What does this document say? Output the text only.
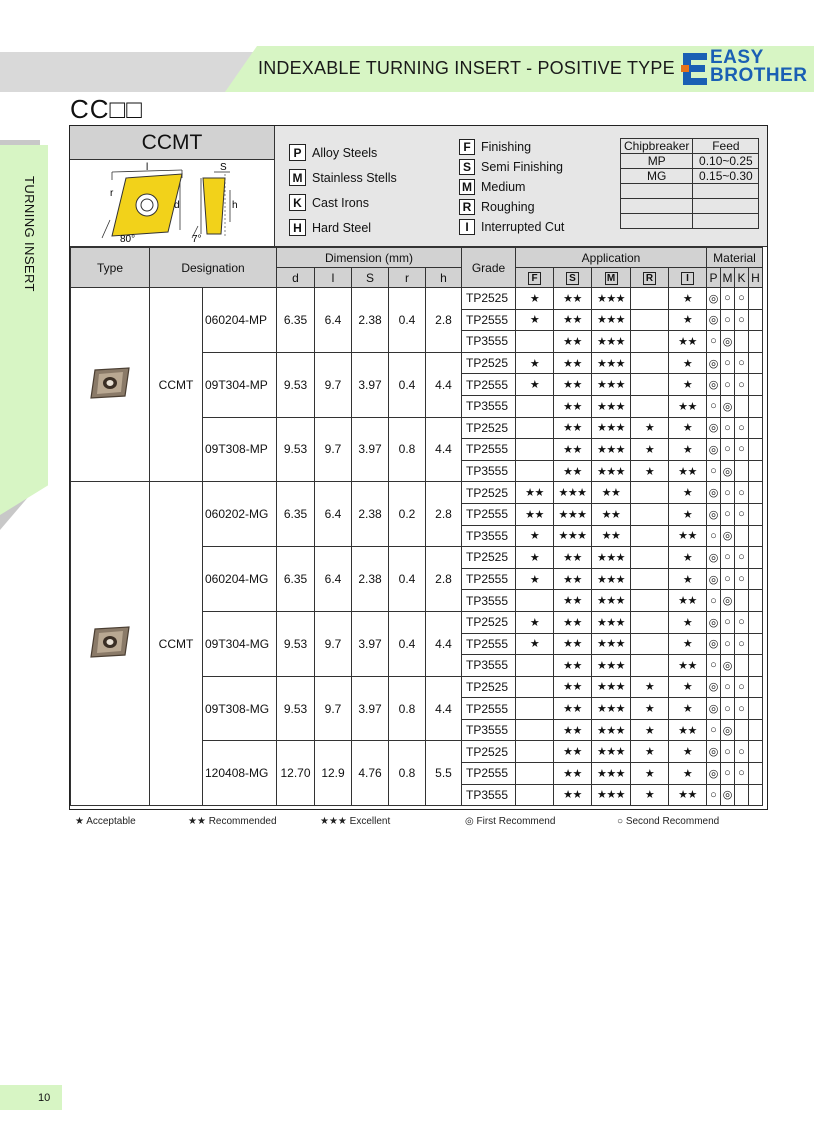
INDEXABLE TURNING INSERT - POSITIVE TYPE EASY
BROTHER
CC□□
TURNING INSERT
CCMT
r
l
d
S
h
80°	7°
P Alloy Steels
M Stainless Stells
K Cast Irons
H Hard Steel
F Finishing
S Semi Finishing
M Medium
R Roughing
I Interrupted Cut
Chipbreaker	Feed
MP	0.10~0.25
MG	0.15~0.30

Type	Designation		Dimension (mm)					Grade	Application					Material			
			d	l	S	r	h		F	S	M	R	I	P	M	K	H
	CCMT	060204-MP	6.35	6.4	2.38	0.4	2.8	TP2525	★	★★	★★★		★	◎	○	○	
								TP2555	★	★★	★★★		★	◎	○	○	
								TP3555		★★	★★★		★★	○	◎		
		09T304-MP	9.53	9.7	3.97	0.4	4.4	TP2525	★	★★	★★★		★	◎	○	○	
								TP2555	★	★★	★★★		★	◎	○	○	
								TP3555		★★	★★★		★★	○	◎		
		09T308-MP	9.53	9.7	3.97	0.8	4.4	TP2525		★★	★★★	★	★	◎	○	○	
								TP2555		★★	★★★	★	★	◎	○	○	
								TP3555		★★	★★★	★	★★	○	◎		
	CCMT	060202-MG	6.35	6.4	2.38	0.2	2.8	TP2525	★★	★★★	★★		★	◎	○	○	
								TP2555	★★	★★★	★★		★	◎	○	○	
								TP3555	★	★★★	★★		★★	○	◎		
		060204-MG	6.35	6.4	2.38	0.4	2.8	TP2525	★	★★	★★★		★	◎	○	○	
								TP2555	★	★★	★★★		★	◎	○	○	
								TP3555		★★	★★★		★★	○	◎		
		09T304-MG	9.53	9.7	3.97	0.4	4.4	TP2525	★	★★	★★★		★	◎	○	○	
								TP2555	★	★★	★★★		★	◎	○	○	
								TP3555		★★	★★★		★★	○	◎		
		09T308-MG	9.53	9.7	3.97	0.8	4.4	TP2525		★★	★★★	★	★	◎	○	○	
								TP2555		★★	★★★	★	★	◎	○	○	
								TP3555		★★	★★★	★	★★	○	◎		
		120408-MG	12.70	12.9	4.76	0.8	5.5	TP2525		★★	★★★	★	★	◎	○	○	
								TP2555		★★	★★★	★	★	◎	○	○	
								TP3555		★★	★★★	★	★★	○	◎		
★ Acceptable	★★ Recommended	★★★ Excellent	◎ First Recommend	○ Second Recommend
10
